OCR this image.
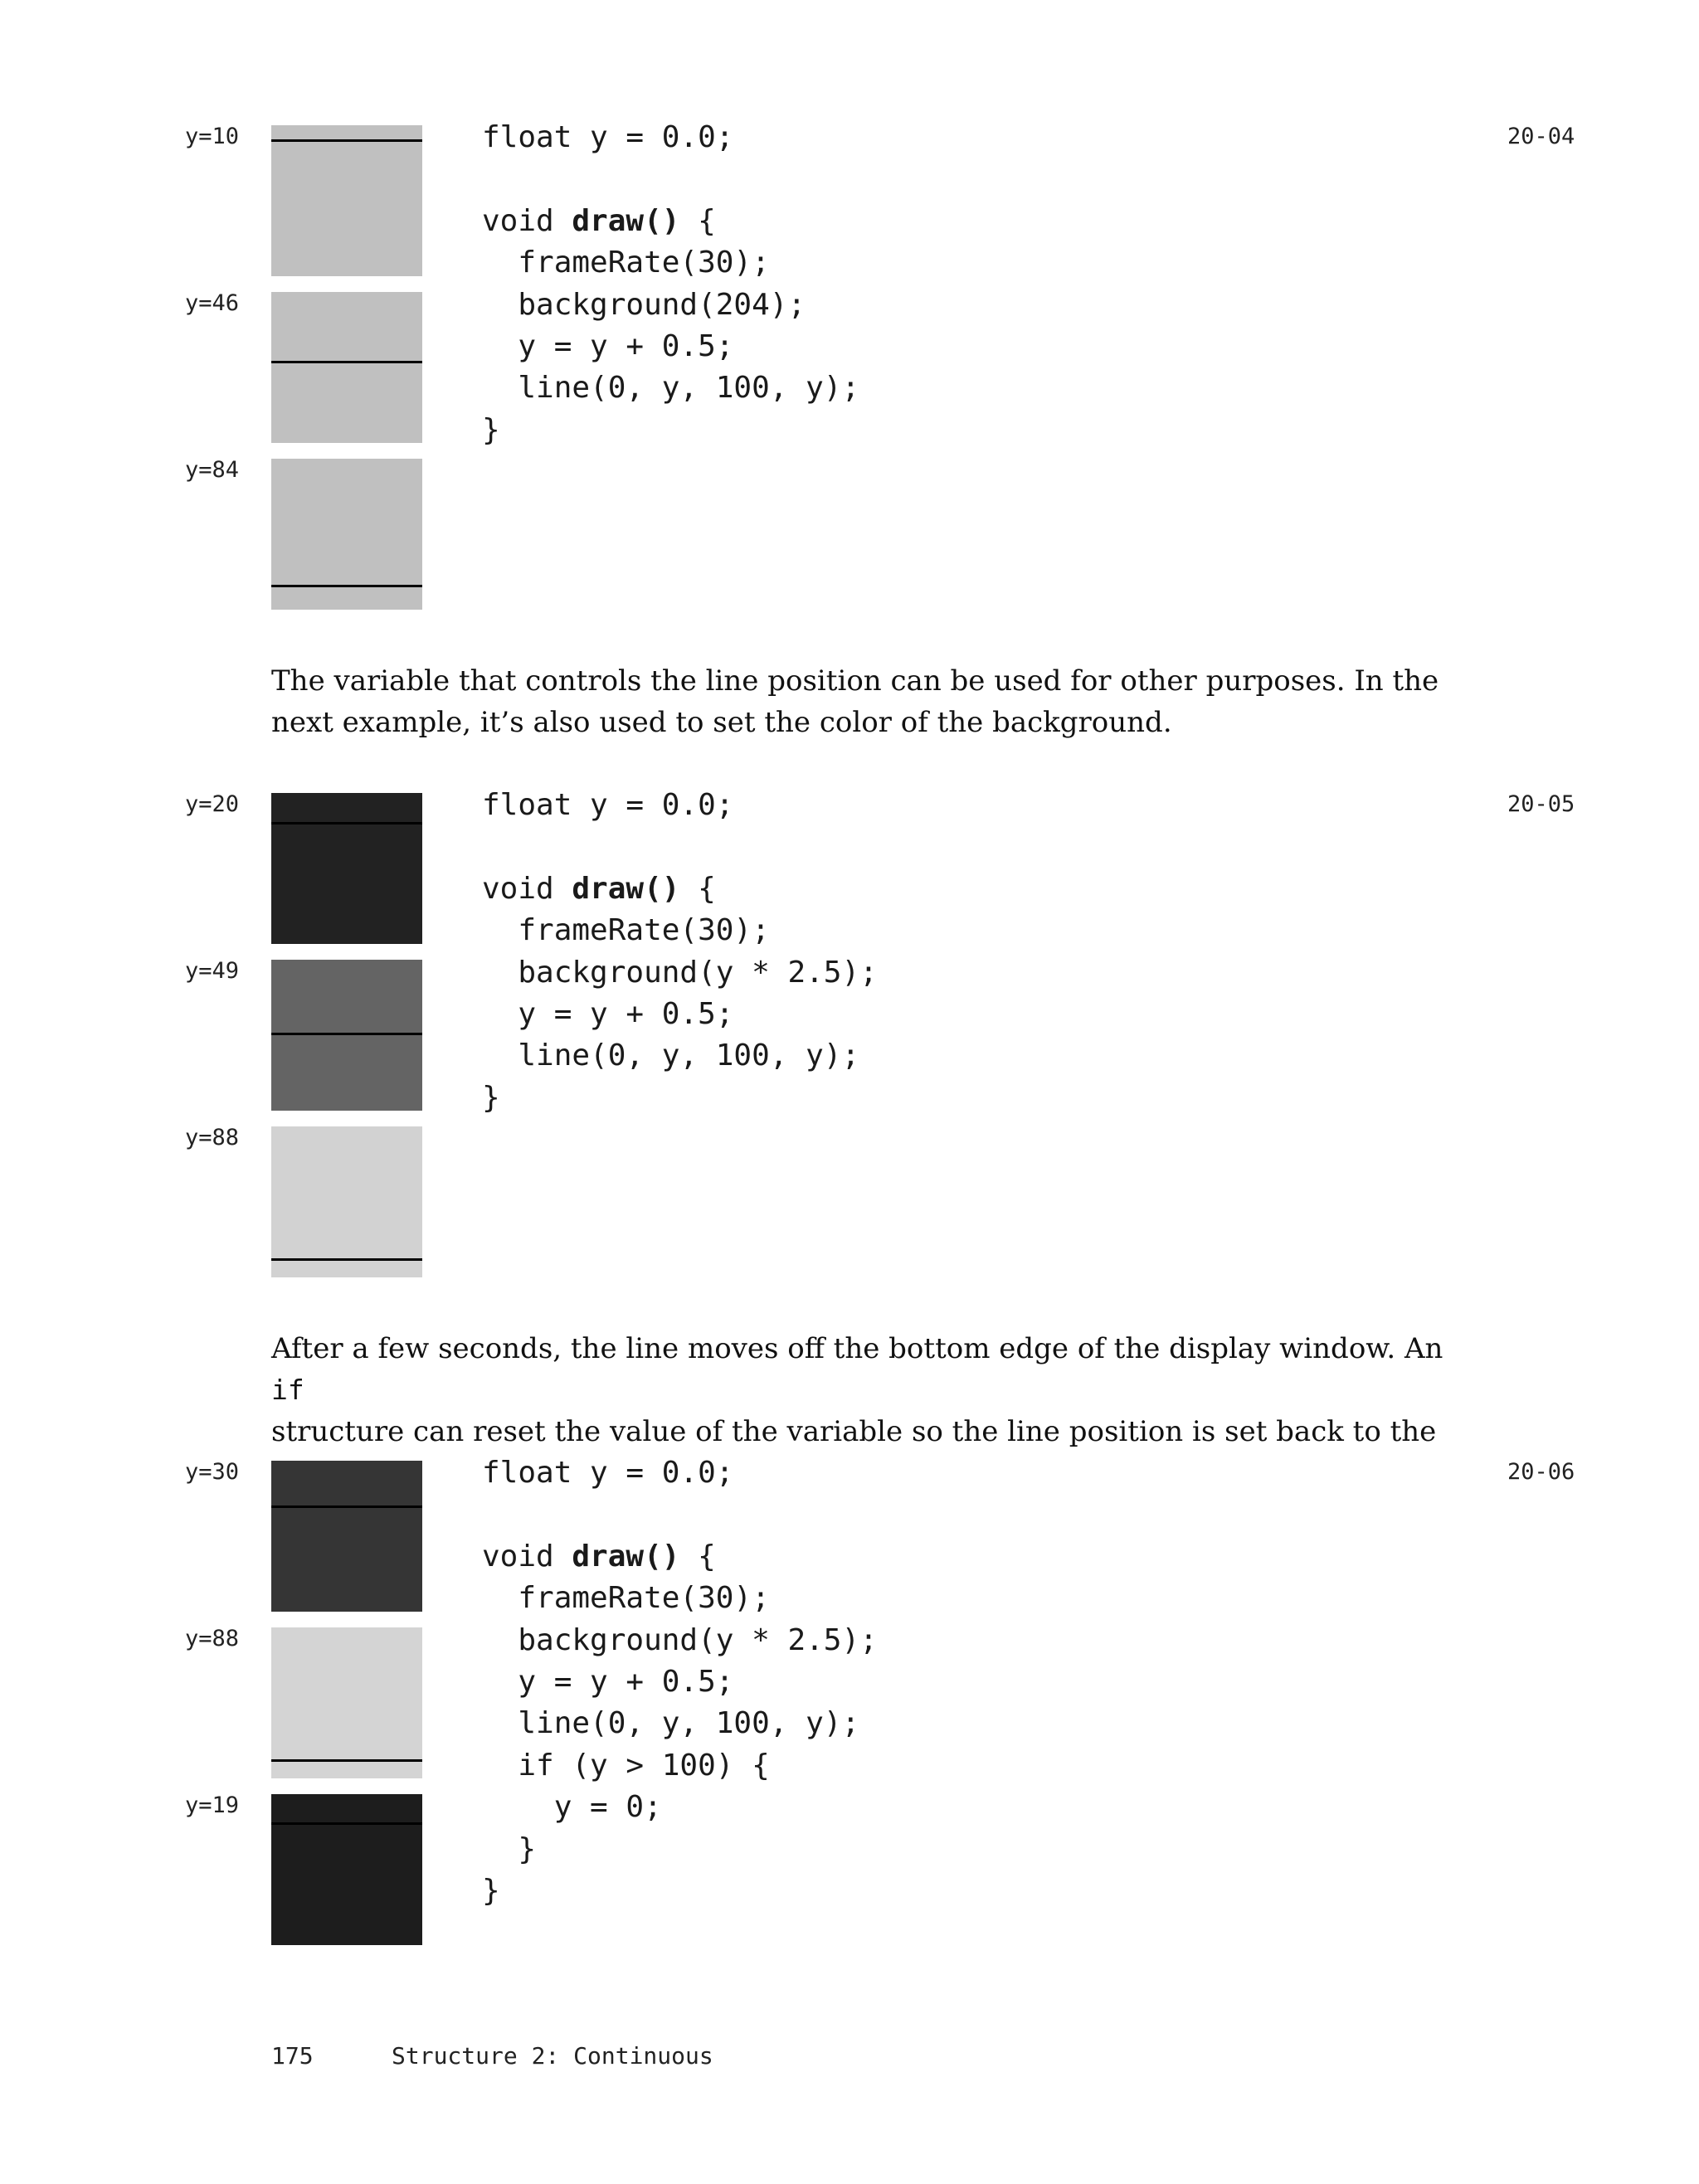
20-04
y=10
y=46
y=84
float y = 0.0;

void draw() {
frameRate(30);
background(204);
y = y + 0.5;
line(0, y, 100, y);
}

The variable that controls the line position can be used for other purposes. In the next example, it’s also used to set the color of the background.

20-05
y=20
y=49
y=88
float y = 0.0;

void draw() {
frameRate(30);
background(y * 2.5);
y = y + 0.5;
line(0, y, 100, y);
}

After a few seconds, the line moves off the bottom edge of the display window. An if
structure can reset the value of the variable so the line position is set back to the

20-06
y=30
y=88
y=19
float y = 0.0;

void draw() {
frameRate(30);
background(y * 2.5);
y = y + 0.5;
line(0, y, 100, y);
if (y > 100) {
y = 0;
}
}
175	Structure 2: Continuous
